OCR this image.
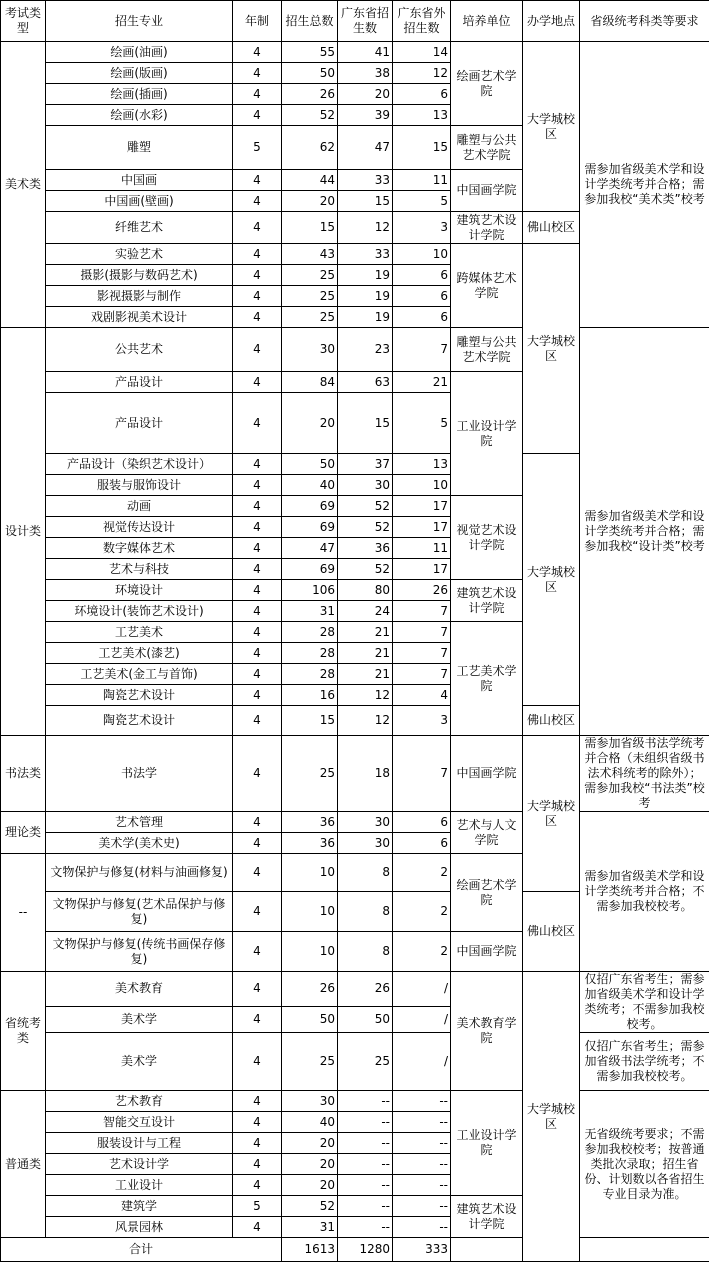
考试类型	招生专业	年制	招生总数	广东省招生数	广东省外招生数	培养单位	办学地点	省级统考科类等要求	
美术类	绘画(油画)	4	55	41	14	绘画艺术学院	大学城校区	需参加省级美术学和设计学类统考并合格；需参加我校“美术类”校考	
	绘画(版画)	4	50	38	12				
	绘画(插画)	4	26	20	6				
	绘画(水彩)	4	52	39	13				
	雕塑	5	62	47	15	雕塑与公共艺术学院			
	中国画	4	44	33	11	中国画学院			
	中国画(壁画)	4	20	15	5				
	纤维艺术	4	15	12	3	建筑艺术设计学院	佛山校区		
	实验艺术	4	43	33	10	跨媒体艺术学院	大学城校区		
	摄影(摄影与数码艺术)	4	25	19	6				
	影视摄影与制作	4	25	19	6				
	戏剧影视美术设计	4	25	19	6				
设计类	公共艺术	4	30	23	7	雕塑与公共艺术学院		需参加省级美术学和设计学类统考并合格；需参加我校“设计类”校考	
	产品设计	4	84	63	21	工业设计学院			
	产品设计	4	20	15	5	
	产品设计（染织艺术设计）	4	50	37	13		大学城校区		
	服装与服饰设计	4	40	30	10				
	动画	4	69	52	17	视觉艺术设计学院			
	视觉传达设计	4	69	52	17				
	数字媒体艺术	4	47	36	11				
	艺术与科技	4	69	52	17				
	环境设计	4	106	80	26	建筑艺术设计学院			
	环境设计(装饰艺术设计)	4	31	24	7				
	工艺美术	4	28	21	7	工艺美术学院			
	工艺美术(漆艺)	4	28	21	7				
	工艺美术(金工与首饰)	4	28	21	7				
	陶瓷艺术设计	4	16	12	4				
	陶瓷艺术设计	4	15	12	3		佛山校区		
书法类	书法学	4	25	18	7	中国画学院	大学城校区	需参加省级书法学统考并合格（未组织省级书法术科统考的除外）；需参加我校“书法类”校考	
理论类	艺术管理	4	36	30	6	艺术与人文学院		需参加省级美术学和设计学类统考并合格；不需参加我校校考。	
	美术学(美术史)	4	36	30	6				
--	文物保护与修复(材料与油画修复)	4	10	8	2	绘画艺术学院			
	文物保护与修复(艺术品保护与修复)	4	10	8	2		佛山校区		
	文物保护与修复(传统书画保存修复)	4	10	8	2	中国画学院			
省统考类	美术教育	4	26	26	/	美术教育学院	大学城校区	仅招广东省考生；需参加省级美术学和设计学类统考；不需参加我校校考。	
	美术学	4	50	50	/				
	美术学	4	25	25	/			仅招广东省考生；需参加省级书法学统考；不需参加我校校考。	
普通类	艺术教育	4	30	--	--	工业设计学院		无省级统考要求；不需参加我校校考；按普通类批次录取；招生省份、计划数以各省招生专业目录为准。	
	智能交互设计	4	40	--	--				
	服装设计与工程	4	20	--	--				
	艺术设计学	4	20	--	--				
	工业设计	4	20	--	--				
	建筑学	5	52	--	--	建筑艺术设计学院			
	风景园林	4	31	--	--				
合计			1613	1280	333				
